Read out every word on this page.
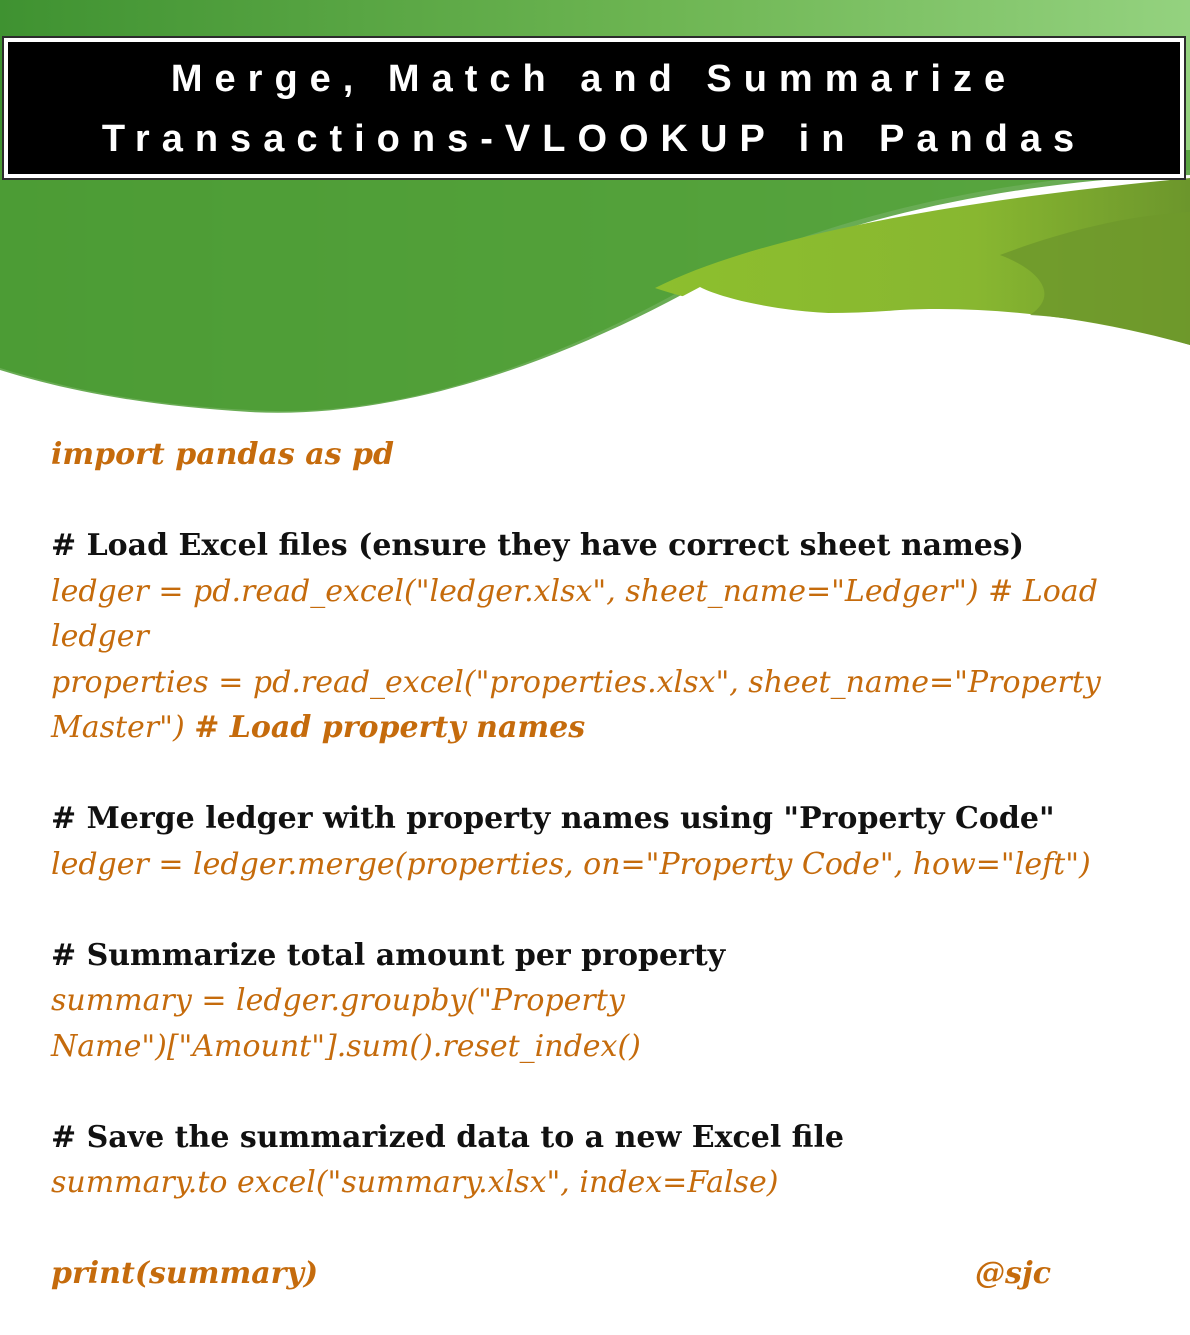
Merge, Match and Summarize
Transactions-VLOOKUP in Pandas
import pandas as pd
# Load Excel files (ensure they have correct sheet names)
ledger = pd.read_excel("ledger.xlsx", sheet_name="Ledger") # Load
ledger
properties = pd.read_excel("properties.xlsx", sheet_name="Property
Master") # Load property names
# Merge ledger with property names using "Property Code"
ledger = ledger.merge(properties, on="Property Code", how="left")
# Summarize total amount per property
summary = ledger.groupby("Property
Name")["Amount"].sum().reset_index()
# Save the summarized data to a new Excel file
summary.to excel("summary.xlsx", index=False)
print(summary)	@sjc
